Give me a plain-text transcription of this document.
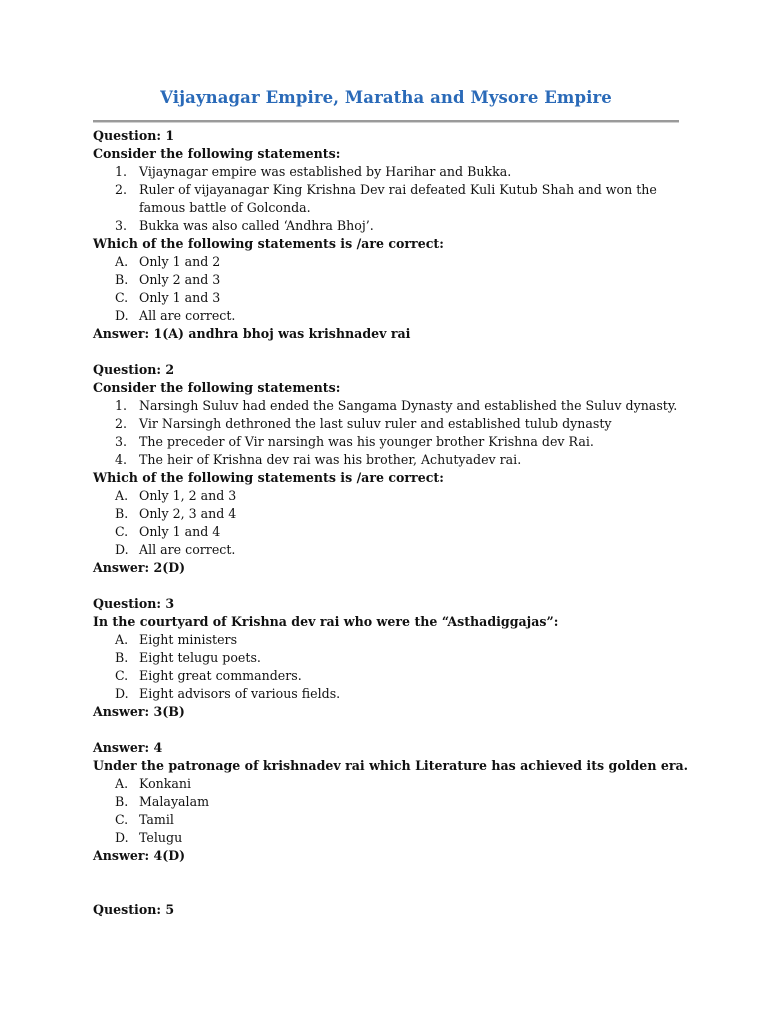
Vijaynagar Empire, Maratha and Mysore Empire

Question: 1

Consider the following statements:

1. Vijaynagar empire was established by Harihar and Bukka.
2. Ruler of vijayanagar King Krishna Dev rai defeated Kuli Kutub Shah and won the famous battle of Golconda.
3. Bukka was also called ‘Andhra Bhoj’.

Which of the following statements is /are correct:

A. Only 1 and 2
B. Only 2 and 3
C. Only 1 and 3
D. All are correct.

Answer: 1(A) andhra bhoj was krishnadev rai

Question: 2

Consider the following statements:

1. Narsingh Suluv had ended the Sangama Dynasty and established the Suluv dynasty.
2. Vir Narsingh dethroned the last suluv ruler and established tulub dynasty
3. The preceder of Vir narsingh was his younger brother Krishna dev Rai.
4. The heir of Krishna dev rai was his brother, Achutyadev rai.

Which of the following statements is /are correct:

A. Only 1, 2 and 3
B. Only 2, 3 and 4
C. Only 1 and 4
D. All are correct.

Answer: 2(D)

Question: 3

In the courtyard of Krishna dev rai who were the “Asthadiggajas”:

A. Eight ministers
B. Eight telugu poets.
C. Eight great commanders.
D. Eight advisors of various fields.

Answer: 3(B)

Answer: 4

Under the patronage of krishnadev rai which Literature has achieved its golden era.

A. Konkani
B. Malayalam
C. Tamil
D. Telugu

Answer: 4(D)

Question: 5
